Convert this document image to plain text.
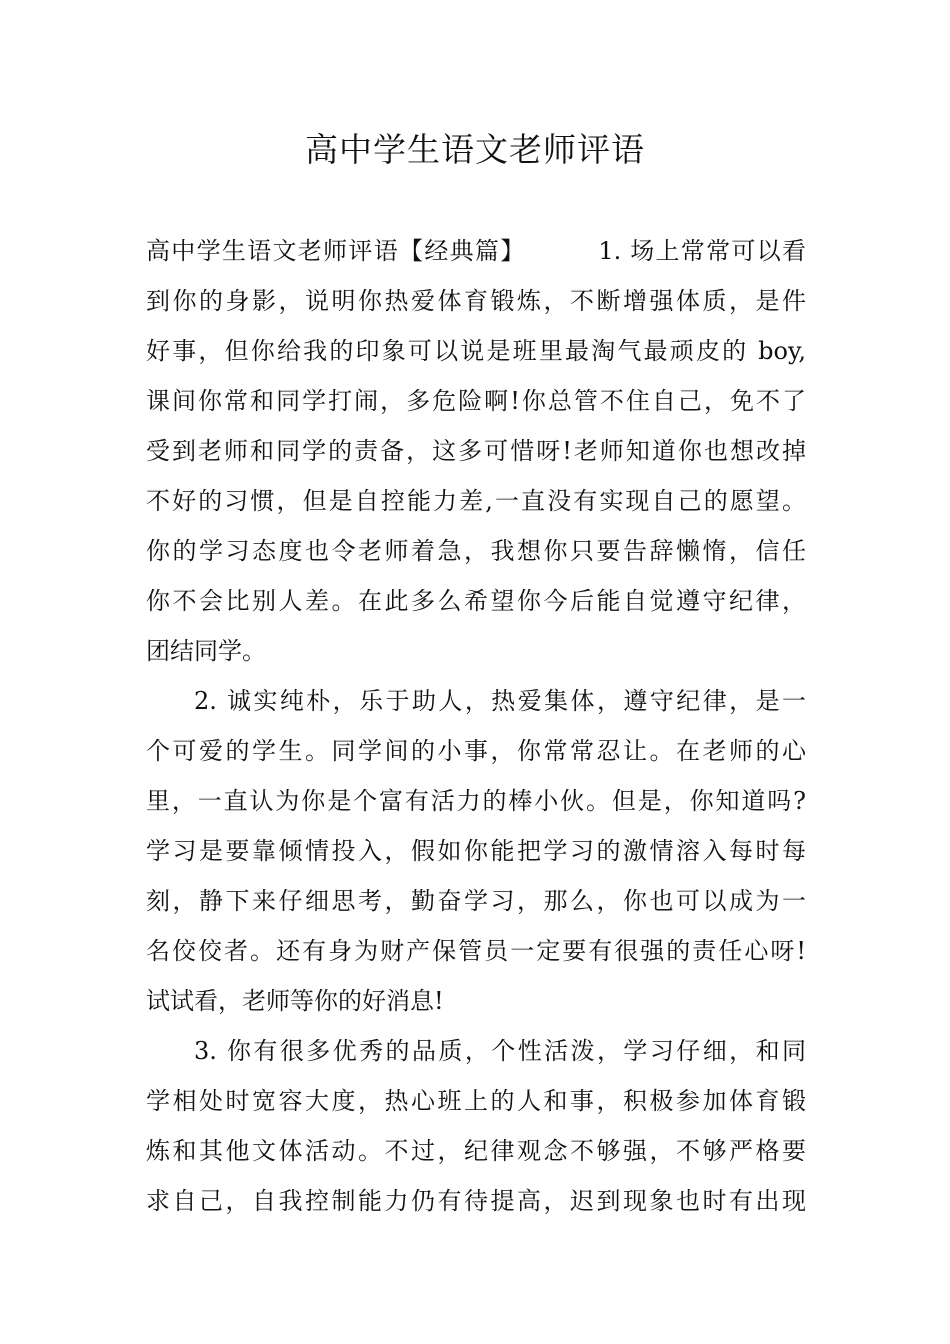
高中学生语文老师评语
高中学生语文老师评语【经典篇】　　　 1. 场上常常可以看
到你的身影，说明你热爱体育锻炼，不断增强体质，是件
好事，但你给我的印象可以说是班里最淘气最顽皮的 boy,
课间你常和同学打闹，多危险啊!你总管不住自己，免不了
受到老师和同学的责备，这多可惜呀!老师知道你也想改掉
不好的习惯，但是自控能力差,一直没有实现自己的愿望。
你的学习态度也令老师着急，我想你只要告辞懒惰，信任
你不会比别人差。在此多么希望你今后能自觉遵守纪律，
团结同学。
2. 诚实纯朴，乐于助人，热爱集体，遵守纪律，是一
个可爱的学生。同学间的小事，你常常忍让。在老师的心
里，一直认为你是个富有活力的棒小伙。但是，你知道吗?
学习是要靠倾情投入，假如你能把学习的激情溶入每时每
刻，静下来仔细思考，勤奋学习，那么，你也可以成为一
名佼佼者。还有身为财产保管员一定要有很强的责任心呀!
试试看，老师等你的好消息!
3. 你有很多优秀的品质，个性活泼，学习仔细，和同
学相处时宽容大度，热心班上的人和事，积极参加体育锻
炼和其他文体活动。不过，纪律观念不够强，不够严格要
求自己，自我控制能力仍有待提高，迟到现象也时有出现
